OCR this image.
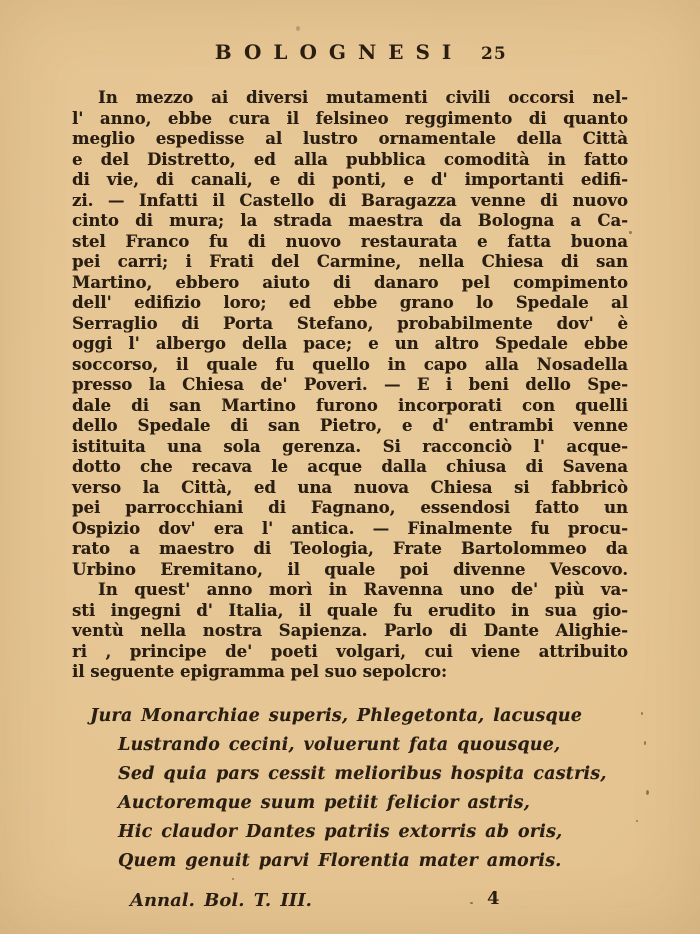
BOLOGNESI	25
In mezzo ai diversi mutamenti civili occorsi nel-
l' anno, ebbe cura il felsineo reggimento di quanto
meglio espedisse al lustro ornamentale della Città
e del Distretto, ed alla pubblica comodità in fatto
di vie, di canali, e di ponti, e d' importanti edifi-
zi. — Infatti il Castello di Baragazza venne di nuovo
cinto di mura; la strada maestra da Bologna a Ca-
stel Franco fu di nuovo restaurata e fatta buona
pei carri; i Frati del Carmine, nella Chiesa di san
Martino, ebbero aiuto di danaro pel compimento
dell' edifizio loro; ed ebbe grano lo Spedale al
Serraglio di Porta Stefano, probabilmente dov' è
oggi l' albergo della pace; e un altro Spedale ebbe
soccorso, il quale fu quello in capo alla Nosadella
presso la Chiesa de' Poveri. — E i beni dello Spe-
dale di san Martino furono incorporati con quelli
dello Spedale di san Pietro, e d' entrambi venne
istituita una sola gerenza. Si racconciò l' acque-
dotto che recava le acque dalla chiusa di Savena
verso la Città, ed una nuova Chiesa si fabbricò
pei parrocchiani di Fagnano, essendosi fatto un
Ospizio dov' era l' antica. — Finalmente fu procu-
rato a maestro di Teologia, Frate Bartolommeo da
Urbino Eremitano, il quale poi divenne Vescovo.
In quest' anno morì in Ravenna uno de' più va-
sti ingegni d' Italia, il quale fu erudito in sua gio-
ventù nella nostra Sapienza. Parlo di Dante Alighie-
ri , principe de' poeti volgari, cui viene attribuito
il seguente epigramma pel suo sepolcro:
Jura Monarchiae superis, Phlegetonta, lacusque
Lustrando cecini, voluerunt fata quousque,
Sed quia pars cessit melioribus hospita castris,
Auctoremque suum petiit felicior astris,
Hic claudor Dantes patriis extorris ab oris,
Quem genuit parvi Florentia mater amoris.
Annal. Bol. T. III.	4
